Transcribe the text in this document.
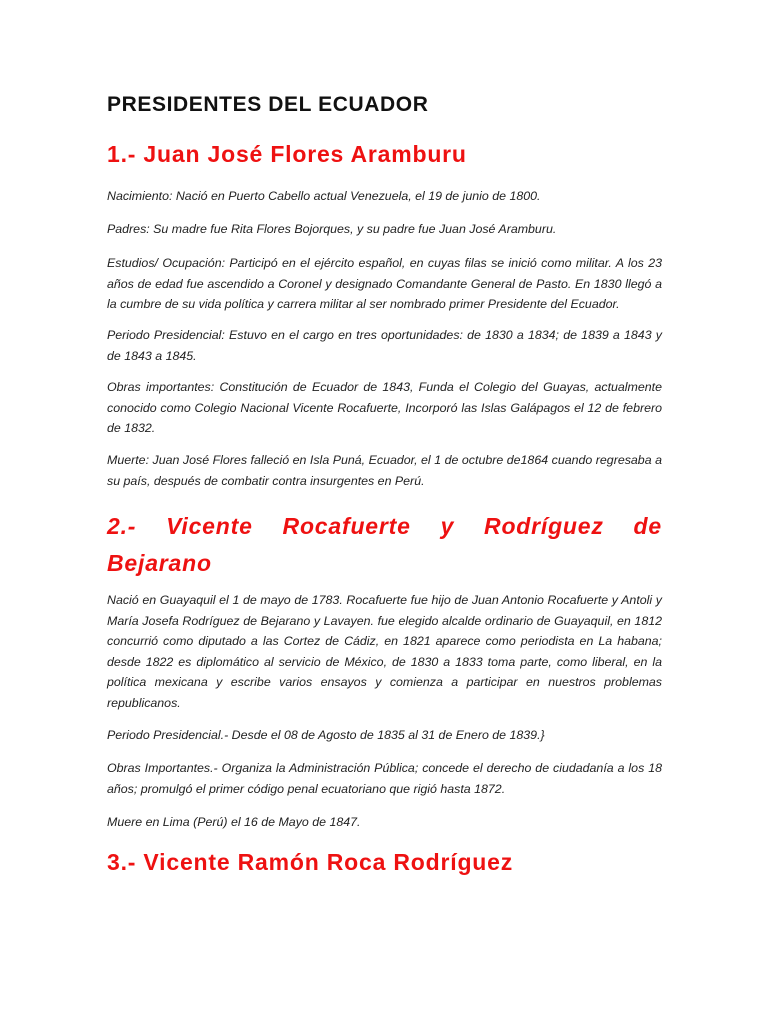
PRESIDENTES DEL ECUADOR
1.- Juan José Flores Aramburu

Nacimiento: Nació en Puerto Cabello actual Venezuela, el 19 de junio de 1800.

Padres: Su madre fue Rita Flores Bojorques, y su padre fue Juan José Aramburu.

Estudios/ Ocupación: Participó en el ejército español, en cuyas filas se inició como militar. A los 23 años de edad fue ascendido a Coronel y designado Comandante General de Pasto. En 1830 llegó a la cumbre de su vida política y carrera militar al ser nombrado primer Presidente del Ecuador.

Periodo Presidencial: Estuvo en el cargo en tres oportunidades: de 1830 a 1834; de 1839 a 1843 y de 1843 a 1845.

Obras importantes: Constitución de Ecuador de 1843, Funda el Colegio del Guayas, actualmente conocido como Colegio Nacional Vicente Rocafuerte, Incorporó las Islas Galápagos el 12 de febrero de 1832.

Muerte: Juan José Flores falleció en Isla Puná, Ecuador, el 1 de octubre de1864 cuando regresaba a su país, después de combatir contra insurgentes en Perú.

2.- Vicente Rocafuerte y Rodríguez de
Bejarano

Nació en Guayaquil el 1 de mayo de 1783. Rocafuerte fue hijo de Juan Antonio Rocafuerte y Antoli y María Josefa Rodríguez de Bejarano y Lavayen. fue elegido alcalde ordinario de Guayaquil, en 1812 concurrió como diputado a las Cortez de Cádiz, en 1821 aparece como periodista en La habana; desde 1822 es diplomático al servicio de México, de 1830 a 1833 toma parte, como liberal, en la política mexicana y escribe varios ensayos y comienza a participar en nuestros problemas republicanos.

Periodo Presidencial.- Desde el 08 de Agosto de 1835 al 31 de Enero de 1839.}

Obras Importantes.- Organiza la Administración Pública; concede el derecho de ciudadanía a los 18 años; promulgó el primer código penal ecuatoriano que rigió hasta 1872.

Muere en Lima (Perú) el 16 de Mayo de 1847.

3.- Vicente Ramón Roca Rodríguez
